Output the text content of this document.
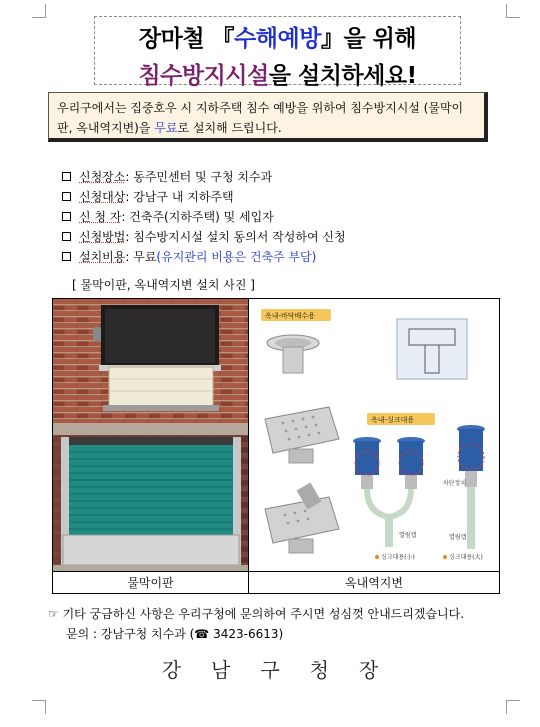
장마철 『수해예방』을 위해
침수방지시설을 설치하세요!
우리구에서는 집중호우 시 지하주택 침수 예방을 위하여 침수방지시설 (물막이판, 옥내역지변)을 무료로 설치해 드립니다.
신청장소 : 동주민센터 및 구청 치수과
신청대상 : 강남구 내 지하주택
신 청 자 : 건축주(지하주택) 및 세입자
신청방법 : 침수방지시설 설치 동의서 작성하여 신청
설치비용 : 무료 (유지관리 비용은 건축주 부담)
[ 물막이판, 옥내역지변 설치 사진 ]
옥내-바닥배수용
옥내-싱크대용
차단장치
열림캡	열림캡
싱크대용(小)	싱크대용(大)
물막이판	옥내역지변
☞ 기타 궁금하신 사항은 우리구청에 문의하여 주시면 성심껏 안내드리겠습니다.
문의 : 강남구청 치수과 (☎ 3423-6613)
강남구청장
